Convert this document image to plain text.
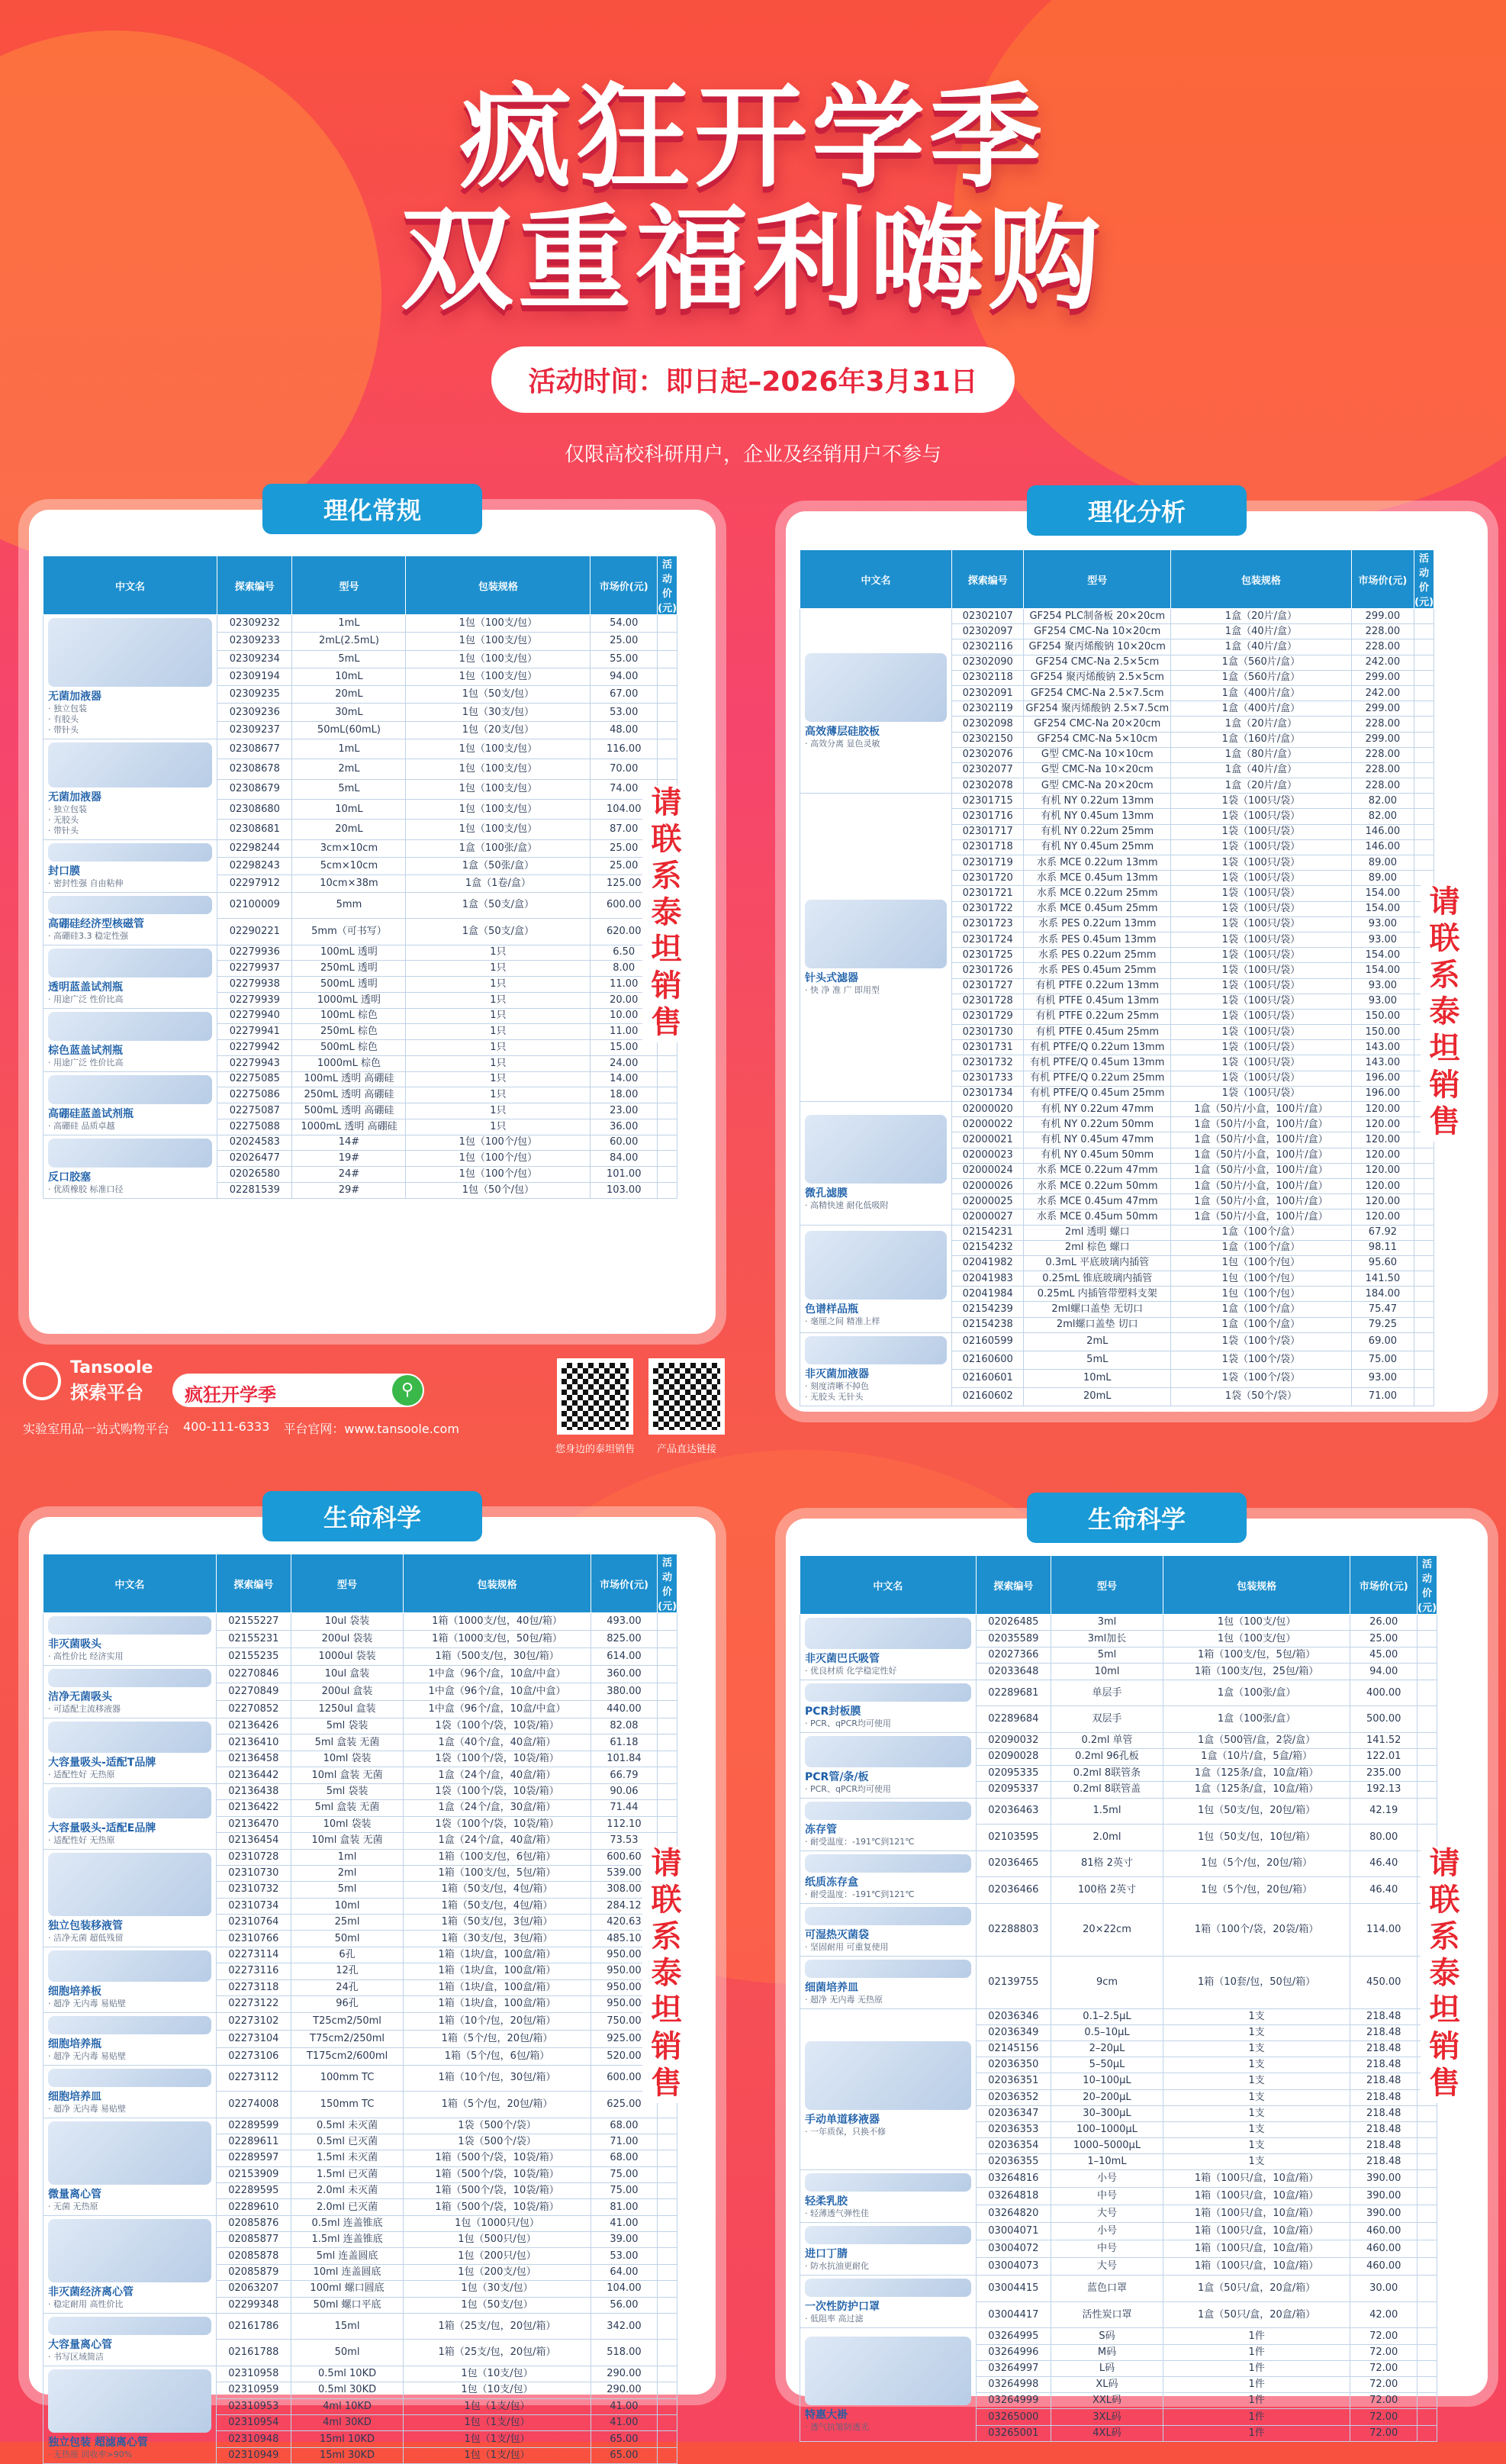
疯狂开学季
双重福利嗨购
活动时间：即日起–2026年3月31日
仅限高校科研用户，企业及经销用户不参与
理化常规
中文名	探索编号	型号	包装规格	市场价(元)	活动价(元)

无菌加液器
· 独立包装
· 有胶头
· 带针头	02309232	1mL	1包（100支/包）	54.00	
	02309233	2mL(2.5mL)	1包（100支/包）	25.00	
	02309234	5mL	1包（100支/包）	55.00	
	02309194	10mL	1包（100支/包）	94.00	
	02309235	20mL	1包（50支/包）	67.00	
	02309236	30mL	1包（30支/包）	53.00	
	02309237	50mL(60mL)	1包（20支/包）	48.00	

无菌加液器
· 独立包装
· 无胶头
· 带针头	02308677	1mL	1包（100支/包）	116.00	
	02308678	2mL	1包（100支/包）	70.00	
	02308679	5mL	1包（100支/包）	74.00	
	02308680	10mL	1包（100支/包）	104.00	
	02308681	20mL	1包（100支/包）	87.00	

封口膜
· 密封性强 自由粘伸	02298244	3cm×10cm	1盒（100张/盒）	25.00	
	02298243	5cm×10cm	1盒（50张/盒）	25.00	
	02297912	10cm×38m	1盒（1卷/盒）	125.00	

高硼硅经济型核磁管
· 高硼硅3.3 稳定性强	02100009	5mm	1盒（50支/盒）	600.00	
	02290221	5mm（可书写）	1盒（50支/盒）	620.00	

透明蓝盖试剂瓶
· 用途广泛 性价比高	02279936	100mL 透明	1只	6.50	
	02279937	250mL 透明	1只	8.00	
	02279938	500mL 透明	1只	11.00	
	02279939	1000mL 透明	1只	20.00	

棕色蓝盖试剂瓶
· 用途广泛 性价比高	02279940	100mL 棕色	1只	10.00	
	02279941	250mL 棕色	1只	11.00	
	02279942	500mL 棕色	1只	15.00	
	02279943	1000mL 棕色	1只	24.00	

高硼硅蓝盖试剂瓶
· 高硼硅 品质卓越	02275085	100mL 透明 高硼硅	1只	14.00	
	02275086	250mL 透明 高硼硅	1只	18.00	
	02275087	500mL 透明 高硼硅	1只	23.00	
	02275088	1000mL 透明 高硼硅	1只	36.00	

反口胶塞
· 优质橡胶 标准口径	02024583	14#	1包（100个/包）	60.00	
	02026477	19#	1包（100个/包）	84.00	
	02026580	24#	1包（100个/包）	101.00	
	02281539	29#	1包（50个/包）	103.00	
理化分析
中文名	探索编号	型号	包装规格	市场价(元)	活动价(元)

高效薄层硅胶板
· 高效分离 显色灵敏	02302107	GF254 PLC制备板 20×20cm	1盒（20片/盒）	299.00	
	02302097	GF254 CMC-Na 10×20cm	1盒（40片/盒）	228.00	
	02302116	GF254 聚丙烯酸钠 10×20cm	1盒（40片/盒）	228.00	
	02302090	GF254 CMC-Na 2.5×5cm	1盒（560片/盒）	242.00	
	02302118	GF254 聚丙烯酸钠 2.5×5cm	1盒（560片/盒）	299.00	
	02302091	GF254 CMC-Na 2.5×7.5cm	1盒（400片/盒）	242.00	
	02302119	GF254 聚丙烯酸钠 2.5×7.5cm	1盒（400片/盒）	299.00	
	02302098	GF254 CMC-Na 20×20cm	1盒（20片/盒）	228.00	
	02302150	GF254 CMC-Na 5×10cm	1盒（160片/盒）	299.00	
	02302076	G型 CMC-Na 10×10cm	1盒（80片/盒）	228.00	
	02302077	G型 CMC-Na 10×20cm	1盒（40片/盒）	228.00	
	02302078	G型 CMC-Na 20×20cm	1盒（20片/盒）	228.00	

针头式滤器
· 快 净 准 广 即用型	02301715	有机 NY 0.22um 13mm	1袋（100只/袋）	82.00	
	02301716	有机 NY 0.45um 13mm	1袋（100只/袋）	82.00	
	02301717	有机 NY 0.22um 25mm	1袋（100只/袋）	146.00	
	02301718	有机 NY 0.45um 25mm	1袋（100只/袋）	146.00	
	02301719	水系 MCE 0.22um 13mm	1袋（100只/袋）	89.00	
	02301720	水系 MCE 0.45um 13mm	1袋（100只/袋）	89.00	
	02301721	水系 MCE 0.22um 25mm	1袋（100只/袋）	154.00	
	02301722	水系 MCE 0.45um 25mm	1袋（100只/袋）	154.00	
	02301723	水系 PES 0.22um 13mm	1袋（100只/袋）	93.00	
	02301724	水系 PES 0.45um 13mm	1袋（100只/袋）	93.00	
	02301725	水系 PES 0.22um 25mm	1袋（100只/袋）	154.00	
	02301726	水系 PES 0.45um 25mm	1袋（100只/袋）	154.00	
	02301727	有机 PTFE 0.22um 13mm	1袋（100只/袋）	93.00	
	02301728	有机 PTFE 0.45um 13mm	1袋（100只/袋）	93.00	
	02301729	有机 PTFE 0.22um 25mm	1袋（100只/袋）	150.00	
	02301730	有机 PTFE 0.45um 25mm	1袋（100只/袋）	150.00	
	02301731	有机 PTFE/Q 0.22um 13mm	1袋（100只/袋）	143.00	
	02301732	有机 PTFE/Q 0.45um 13mm	1袋（100只/袋）	143.00	
	02301733	有机 PTFE/Q 0.22um 25mm	1袋（100只/袋）	196.00	
	02301734	有机 PTFE/Q 0.45um 25mm	1袋（100只/袋）	196.00	

微孔滤膜
· 高精快速 耐化低吸附	02000020	有机 NY 0.22um 47mm	1盒（50片/小盒，100片/盒）	120.00	
	02000022	有机 NY 0.22um 50mm	1盒（50片/小盒，100片/盒）	120.00	
	02000021	有机 NY 0.45um 47mm	1盒（50片/小盒，100片/盒）	120.00	
	02000023	有机 NY 0.45um 50mm	1盒（50片/小盒，100片/盒）	120.00	
	02000024	水系 MCE 0.22um 47mm	1盒（50片/小盒，100片/盒）	120.00	
	02000026	水系 MCE 0.22um 50mm	1盒（50片/小盒，100片/盒）	120.00	
	02000025	水系 MCE 0.45um 47mm	1盒（50片/小盒，100片/盒）	120.00	
	02000027	水系 MCE 0.45um 50mm	1盒（50片/小盒，100片/盒）	120.00	

色谱样品瓶
· 毫厘之间 精准上样	02154231	2ml 透明 螺口	1盒（100个/盒）	67.92	
	02154232	2ml 棕色 螺口	1盒（100个/盒）	98.11	
	02041982	0.3mL 平底玻璃内插管	1包（100个/包）	95.60	
	02041983	0.25mL 锥底玻璃内插管	1包（100个/包）	141.50	
	02041984	0.25mL 内插管带塑料支架	1包（100个/包）	184.00	
	02154239	2ml螺口盖垫 无切口	1盒（100个/盒）	75.47	
	02154238	2ml螺口盖垫 切口	1盒（100个/盒）	79.25	

非灭菌加液器
· 刻度清晰不掉色
· 无胶头 无针头	02160599	2mL	1袋（100个/袋）	69.00	
	02160600	5mL	1袋（100个/袋）	75.00	
	02160601	10mL	1袋（100个/袋）	93.00	
	02160602	20mL	1袋（50个/袋）	71.00	
生命科学
中文名	探索编号	型号	包装规格	市场价(元)	活动价(元)

非灭菌吸头
· 高性价比 经济实用	02155227	10ul 袋装	1箱（1000支/包，40包/箱）	493.00	
	02155231	200ul 袋装	1箱（1000支/包，50包/箱）	825.00	
	02155235	1000ul 袋装	1箱（500支/包，30包/箱）	614.00	

洁净无菌吸头
· 可适配主流移液器	02270846	10ul 盒装	1中盒（96个/盒，10盒/中盒）	360.00	
	02270849	200ul 盒装	1中盒（96个/盒，10盒/中盒）	380.00	
	02270852	1250ul 盒装	1中盒（96个/盒，10盒/中盒）	440.00	

大容量吸头-适配T品牌
· 适配性好 无热原	02136426	5ml 袋装	1袋（100个/袋，10袋/箱）	82.08	
	02136410	5ml 盒装 无菌	1盒（40个/盒，40盒/箱）	61.18	
	02136458	10ml 袋装	1袋（100个/袋，10袋/箱）	101.84	
	02136442	10ml 盒装 无菌	1盒（24个/盒，40盒/箱）	66.79	

大容量吸头-适配E品牌
· 适配性好 无热原	02136438	5ml 袋装	1袋（100个/袋，10袋/箱）	90.06	
	02136422	5ml 盒装 无菌	1盒（24个/盒，30盒/箱）	71.44	
	02136470	10ml 袋装	1袋（100个/袋，10袋/箱）	112.10	
	02136454	10ml 盒装 无菌	1盒（24个/盒，40盒/箱）	73.53	

独立包装移液管
· 洁净无菌 超低残留	02310728	1ml	1箱（100支/包，6包/箱）	600.60	
	02310730	2ml	1箱（100支/包，5包/箱）	539.00	
	02310732	5ml	1箱（50支/包，4包/箱）	308.00	
	02310734	10ml	1箱（50支/包，4包/箱）	284.12	
	02310764	25ml	1箱（50支/包，3包/箱）	420.63	
	02310766	50ml	1箱（30支/包，3包/箱）	485.10	

细胞培养板
· 超净 无内毒 易贴壁	02273114	6孔	1箱（1块/盒，100盒/箱）	950.00	
	02273116	12孔	1箱（1块/盒，100盒/箱）	950.00	
	02273118	24孔	1箱（1块/盒，100盒/箱）	950.00	
	02273122	96孔	1箱（1块/盒，100盒/箱）	950.00	

细胞培养瓶
· 超净 无内毒 易贴壁	02273102	T25cm2/50ml	1箱（10个/包，20包/箱）	750.00	
	02273104	T75cm2/250ml	1箱（5个/包，20包/箱）	925.00	
	02273106	T175cm2/600ml	1箱（5个/包，6包/箱）	520.00	

细胞培养皿
· 超净 无内毒 易贴壁	02273112	100mm TC	1箱（10个/包，30包/箱）	600.00	
	02274008	150mm TC	1箱（5个/包，20包/箱）	625.00	

微量离心管
· 无菌 无热原	02289599	0.5ml 未灭菌	1袋（500个/袋）	68.00	
	02289611	0.5ml 已灭菌	1袋（500个/袋）	71.00	
	02289597	1.5ml 未灭菌	1箱（500个/袋，10袋/箱）	68.00	
	02153909	1.5ml 已灭菌	1箱（500个/袋，10袋/箱）	75.00	
	02289595	2.0ml 未灭菌	1箱（500个/袋，10袋/箱）	75.00	
	02289610	2.0ml 已灭菌	1箱（500个/袋，10袋/箱）	81.00	

非灭菌经济离心管
· 稳定耐用 高性价比	02085876	0.5ml 连盖锥底	1包（1000只/包）	41.00	
	02085877	1.5ml 连盖锥底	1包（500只/包）	39.00	
	02085878	5ml 连盖圆底	1包（200只/包）	53.00	
	02085879	10ml 连盖圆底	1包（200支/包）	64.00	
	02063207	100ml 螺口圆底	1包（30支/包）	104.00	
	02299348	50ml 螺口平底	1包（50支/包）	56.00	

大容量离心管
· 书写区域简洁	02161786	15ml	1箱（25支/包，20包/箱）	342.00	
	02161788	50ml	1箱（25支/包，20包/箱）	518.00	

独立包装 超滤离心管
· 无热原 回收率>90%	02310958	0.5ml 10KD	1包（10支/包）	290.00	
	02310959	0.5ml 30KD	1包（10支/包）	290.00	
	02310953	4ml 10KD	1包（1支/包）	41.00	
	02310954	4ml 30KD	1包（1支/包）	41.00	
	02310948	15ml 10KD	1包（1支/包）	65.00	
	02310949	15ml 30KD	1包（1支/包）	65.00	
生命科学
中文名	探索编号	型号	包装规格	市场价(元)	活动价(元)

非灭菌巴氏吸管
· 优良材质 化学稳定性好	02026485	3ml	1包（100支/包）	26.00	
	02035589	3ml加长	1包（100支/包）	25.00	
	02027366	5ml	1箱（100支/包，5包/箱）	45.00	
	02033648	10ml	1箱（100支/包，25包/箱）	94.00	

PCR封板膜
· PCR、qPCR均可使用	02289681	单层手	1盒（100张/盒）	400.00	
	02289684	双层手	1盒（100张/盒）	500.00	

PCR管/条/板
· PCR、qPCR均可使用	02090032	0.2ml 单管	1盒（500管/盒，2袋/盒）	141.52	
	02090028	0.2ml 96孔板	1盒（10片/盒，5盒/箱）	122.01	
	02095335	0.2ml 8联管条	1盒（125条/盒，10盒/箱）	235.00	
	02095337	0.2ml 8联管盖	1盒（125条/盒，10盒/箱）	192.13	

冻存管
· 耐受温度：-191℃到121℃	02036463	1.5ml	1包（50支/包，20包/箱）	42.19	
	02103595	2.0ml	1包（50支/包，10包/箱）	80.00	

纸质冻存盒
· 耐受温度：-191℃到121℃	02036465	81格 2英寸	1包（5个/包，20包/箱）	46.40	
	02036466	100格 2英寸	1包（5个/包，20包/箱）	46.40	

可湿热灭菌袋
· 坚固耐用 可重复使用	02288803	20×22cm	1箱（100个/袋，20袋/箱）	114.00	

细菌培养皿
· 超净 无内毒 无热原	02139755	9cm	1箱（10套/包，50包/箱）	450.00	

手动单道移液器
· 一年质保，只换不修	02036346	0.1–2.5μL	1支	218.48	
	02036349	0.5–10μL	1支	218.48	
	02145156	2–20μL	1支	218.48	
	02036350	5–50μL	1支	218.48	
	02036351	10–100μL	1支	218.48	
	02036352	20–200μL	1支	218.48	
	02036347	30–300μL	1支	218.48	
	02036353	100–1000μL	1支	218.48	
	02036354	1000–5000μL	1支	218.48	
	02036355	1–10mL	1支	218.48	

轻柔乳胶
· 轻薄透气弹性佳	03264816	小号	1箱（100只/盒，10盒/箱）	390.00	
	03264818	中号	1箱（100只/盒，10盒/箱）	390.00	
	03264820	大号	1箱（100只/盒，10盒/箱）	390.00	

进口丁腈
· 防水抗油更耐化	03004071	小号	1箱（100只/盒，10盒/箱）	460.00	
	03004072	中号	1箱（100只/盒，10盒/箱）	460.00	
	03004073	大号	1箱（100只/盒，10盒/箱）	460.00	

一次性防护口罩
· 低阻率 高过滤	03004415	蓝色口罩	1盒（50只/盒，20盒/箱）	30.00	
	03004417	活性炭口罩	1盒（50只/盒，20盒/箱）	42.00	

特惠大褂
· 透气抗皱防透光	03264995	S码	1件	72.00	
	03264996	M码	1件	72.00	
	03264997	L码	1件	72.00	
	03264998	XL码	1件	72.00	
	03264999	XXL码	1件	72.00	
	03265000	3XL码	1件	72.00	
	03265001	4XL码	1件	72.00	
请联系泰坦销售	请联系泰坦销售
请联系泰坦销售	请联系泰坦销售
Tansoole
探索平台	疯狂开学季	⚲
实验室用品一站式购物平台 400-111-6333 平台官网：www.tansoole.com
您身边的泰坦销售	产品直达链接
